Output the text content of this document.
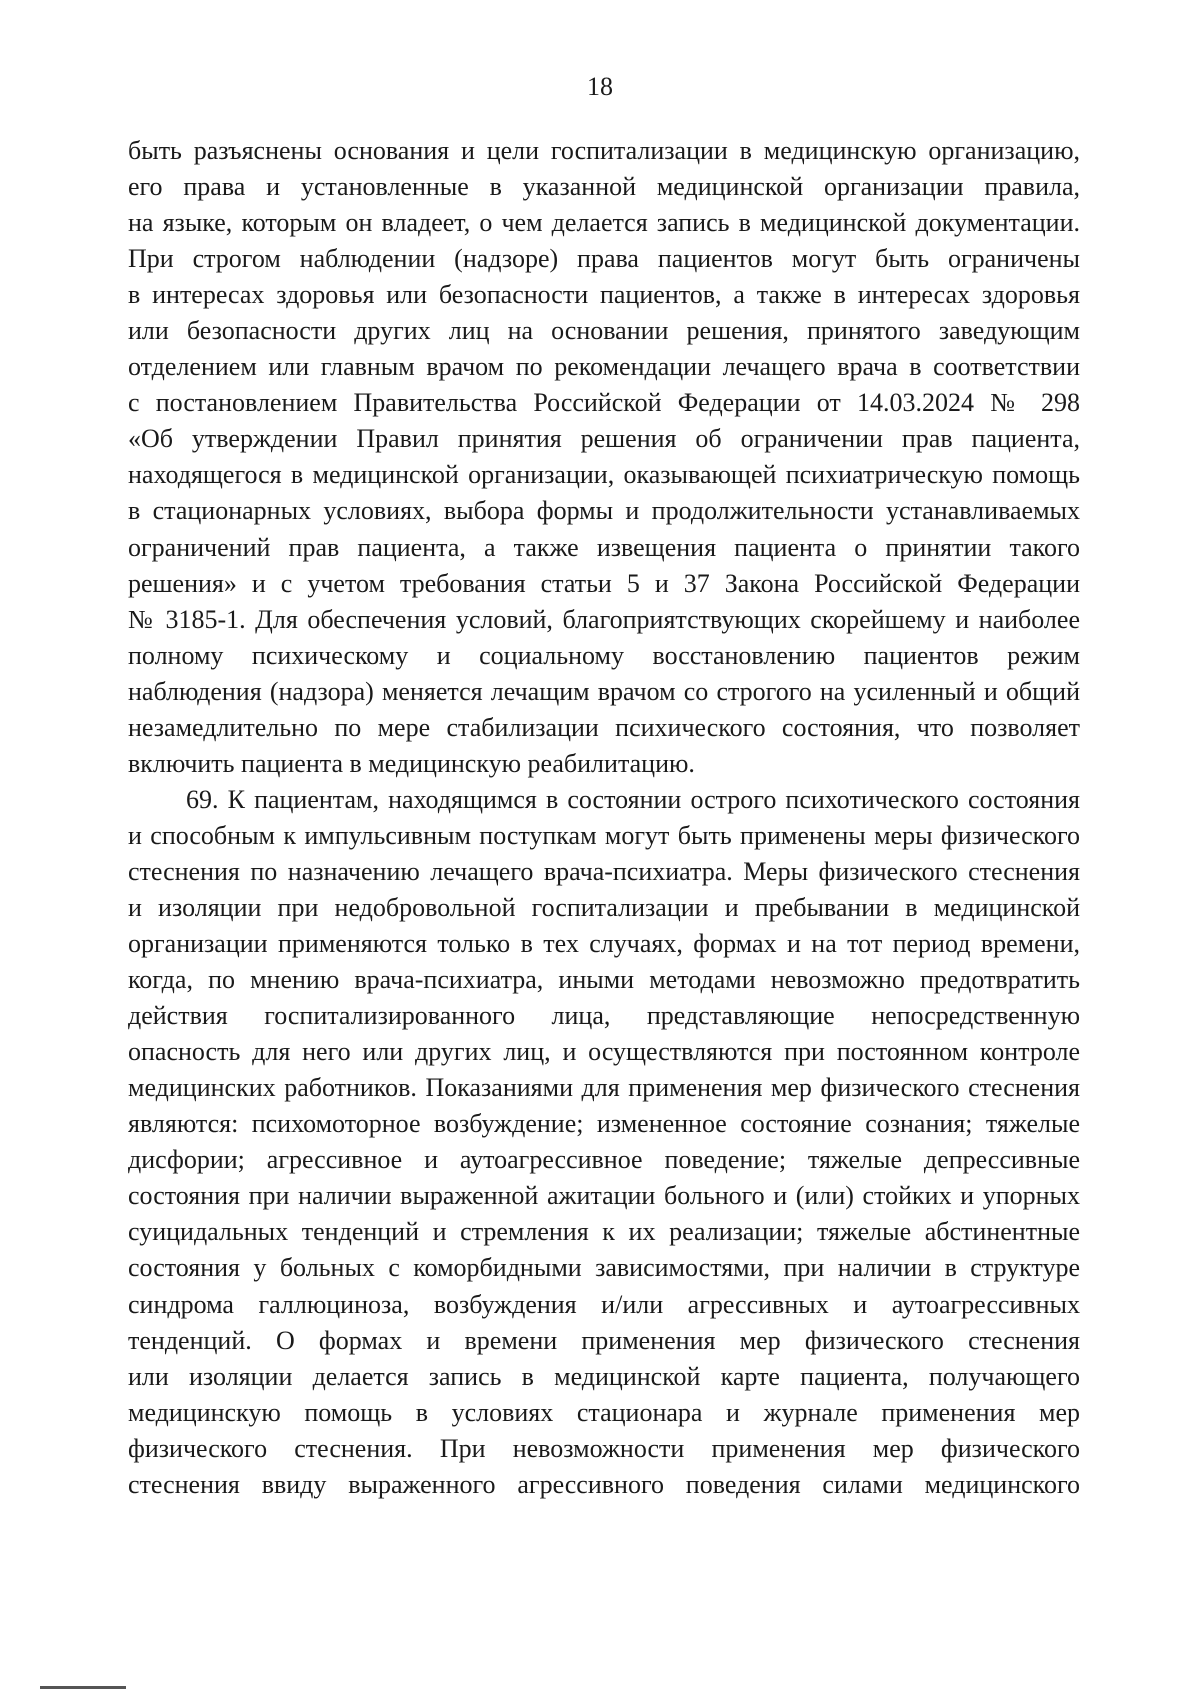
18
быть разъяснены основания и цели госпитализации в медицинскую организацию,
его права и установленные в указанной медицинской организации правила,
на языке, которым он владеет, о чем делается запись в медицинской документации.
При строгом наблюдении (надзоре) права пациентов могут быть ограничены
в интересах здоровья или безопасности пациентов, а также в интересах здоровья
или безопасности других лиц на основании решения, принятого заведующим
отделением или главным врачом по рекомендации лечащего врача в соответствии
с постановлением Правительства Российской Федерации от 14.03.2024 № 298
«Об утверждении Правил принятия решения об ограничении прав пациента,
находящегося в медицинской организации, оказывающей психиатрическую помощь
в стационарных условиях, выбора формы и продолжительности устанавливаемых
ограничений прав пациента, а также извещения пациента о принятии такого
решения» и с учетом требования статьи 5 и 37 Закона Российской Федерации
№ 3185-1. Для обеспечения условий, благоприятствующих скорейшему и наиболее
полному психическому и социальному восстановлению пациентов режим
наблюдения (надзора) меняется лечащим врачом со строгого на усиленный и общий
незамедлительно по мере стабилизации психического состояния, что позволяет
включить пациента в медицинскую реабилитацию.
69. К пациентам, находящимся в состоянии острого психотического состояния
и способным к импульсивным поступкам могут быть применены меры физического
стеснения по назначению лечащего врача-психиатра. Меры физического стеснения
и изоляции при недобровольной госпитализации и пребывании в медицинской
организации применяются только в тех случаях, формах и на тот период времени,
когда, по мнению врача-психиатра, иными методами невозможно предотвратить
действия госпитализированного лица, представляющие непосредственную
опасность для него или других лиц, и осуществляются при постоянном контроле
медицинских работников. Показаниями для применения мер физического стеснения
являются: психомоторное возбуждение; измененное состояние сознания; тяжелые
дисфории; агрессивное и аутоагрессивное поведение; тяжелые депрессивные
состояния при наличии выраженной ажитации больного и (или) стойких и упорных
суицидальных тенденций и стремления к их реализации; тяжелые абстинентные
состояния у больных с коморбидными зависимостями, при наличии в структуре
синдрома галлюциноза, возбуждения и/или агрессивных и аутоагрессивных
тенденций. О формах и времени применения мер физического стеснения
или изоляции делается запись в медицинской карте пациента, получающего
медицинскую помощь в условиях стационара и журнале применения мер
физического стеснения. При невозможности применения мер физического
стеснения ввиду выраженного агрессивного поведения силами медицинского
